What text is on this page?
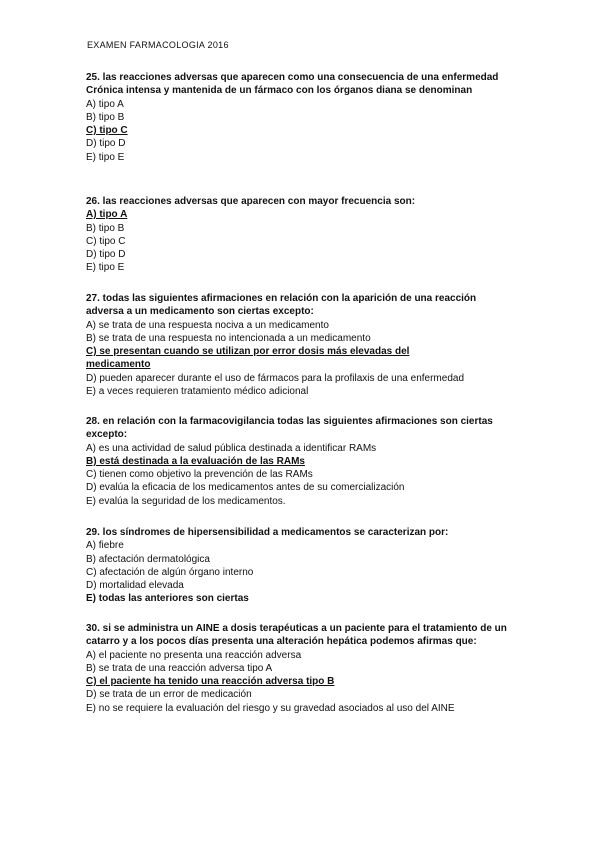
EXAMEN FARMACOLOGIA 2016

25. las reacciones adversas que aparecen como una consecuencia de una enfermedad Crónica intensa y mantenida de un fármaco con los órganos diana se denominan

A) tipo A

B) tipo B

C) tipo C

D) tipo D

E) tipo E

26. las reacciones adversas que aparecen con mayor frecuencia son:

A) tipo A

B) tipo B

C) tipo C

D) tipo D

E) tipo E

27. todas las siguientes afirmaciones en relación con la aparición de una reacción adversa a un medicamento son ciertas excepto:

A) se trata de una respuesta nociva a un medicamento

B) se trata de una respuesta no intencionada a un medicamento

C) se presentan cuando se utilizan por error dosis más elevadas del medicamento

D) pueden aparecer durante el uso de fármacos para la profilaxis de una enfermedad

E) a veces requieren tratamiento médico adicional

28. en relación con la farmacovigilancia todas las siguientes afirmaciones son ciertas excepto:

A) es una actividad de salud pública destinada a identificar RAMs

B) está destinada a la evaluación de las RAMs

C) tienen como objetivo la prevención de las RAMs

D) evalúa la eficacia de los medicamentos antes de su comercialización

E) evalúa la seguridad de los medicamentos.

29. los síndromes de hipersensibilidad a medicamentos se caracterizan por:

A) fiebre

B) afectación dermatológica

C) afectación de algún órgano interno

D) mortalidad elevada

E) todas las anteriores son ciertas

30. si se administra un AINE a dosis terapéuticas a un paciente para el tratamiento de un catarro y a los pocos días presenta una alteración hepática podemos afirmas que:

A) el paciente no presenta una reacción adversa

B) se trata de una reacción adversa tipo A

C) el paciente ha tenido una reacción adversa tipo B

D) se trata de un error de medicación

E) no se requiere la evaluación del riesgo y su gravedad asociados al uso del AINE
